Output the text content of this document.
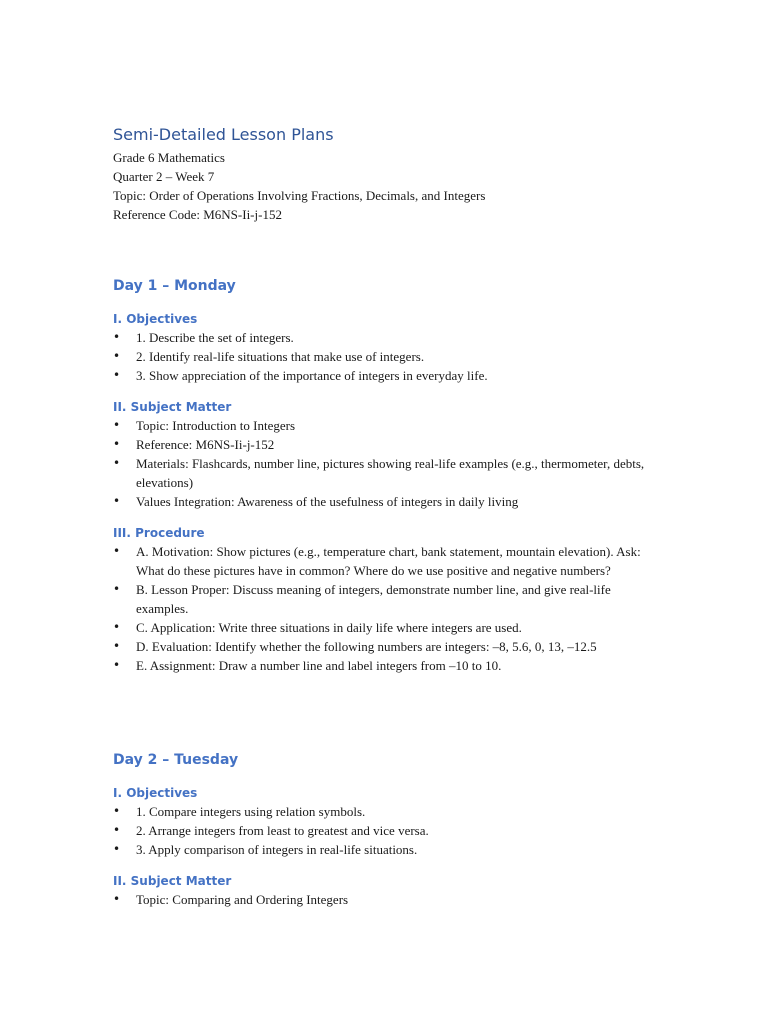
Semi-Detailed Lesson Plans

Grade 6 Mathematics

Quarter 2 – Week 7

Topic: Order of Operations Involving Fractions, Decimals, and Integers

Reference Code: M6NS-Ii-j-152

Day 1 – Monday
I. Objectives
• 1. Describe the set of integers.
• 2. Identify real-life situations that make use of integers.
• 3. Show appreciation of the importance of integers in everyday life.
II. Subject Matter
• Topic: Introduction to Integers
• Reference: M6NS-Ii-j-152
• Materials: Flashcards, number line, pictures showing real-life examples (e.g., thermometer, debts, elevations)
• Values Integration: Awareness of the usefulness of integers in daily living
III. Procedure
• A. Motivation: Show pictures (e.g., temperature chart, bank statement, mountain elevation). Ask: What do these pictures have in common? Where do we use positive and negative numbers?
• B. Lesson Proper: Discuss meaning of integers, demonstrate number line, and give real-life examples.
• C. Application: Write three situations in daily life where integers are used.
• D. Evaluation: Identify whether the following numbers are integers: –8, 5.6, 0, 13, –12.5
• E. Assignment: Draw a number line and label integers from –10 to 10.
Day 2 – Tuesday
I. Objectives
• 1. Compare integers using relation symbols.
• 2. Arrange integers from least to greatest and vice versa.
• 3. Apply comparison of integers in real-life situations.
II. Subject Matter
• Topic: Comparing and Ordering Integers
